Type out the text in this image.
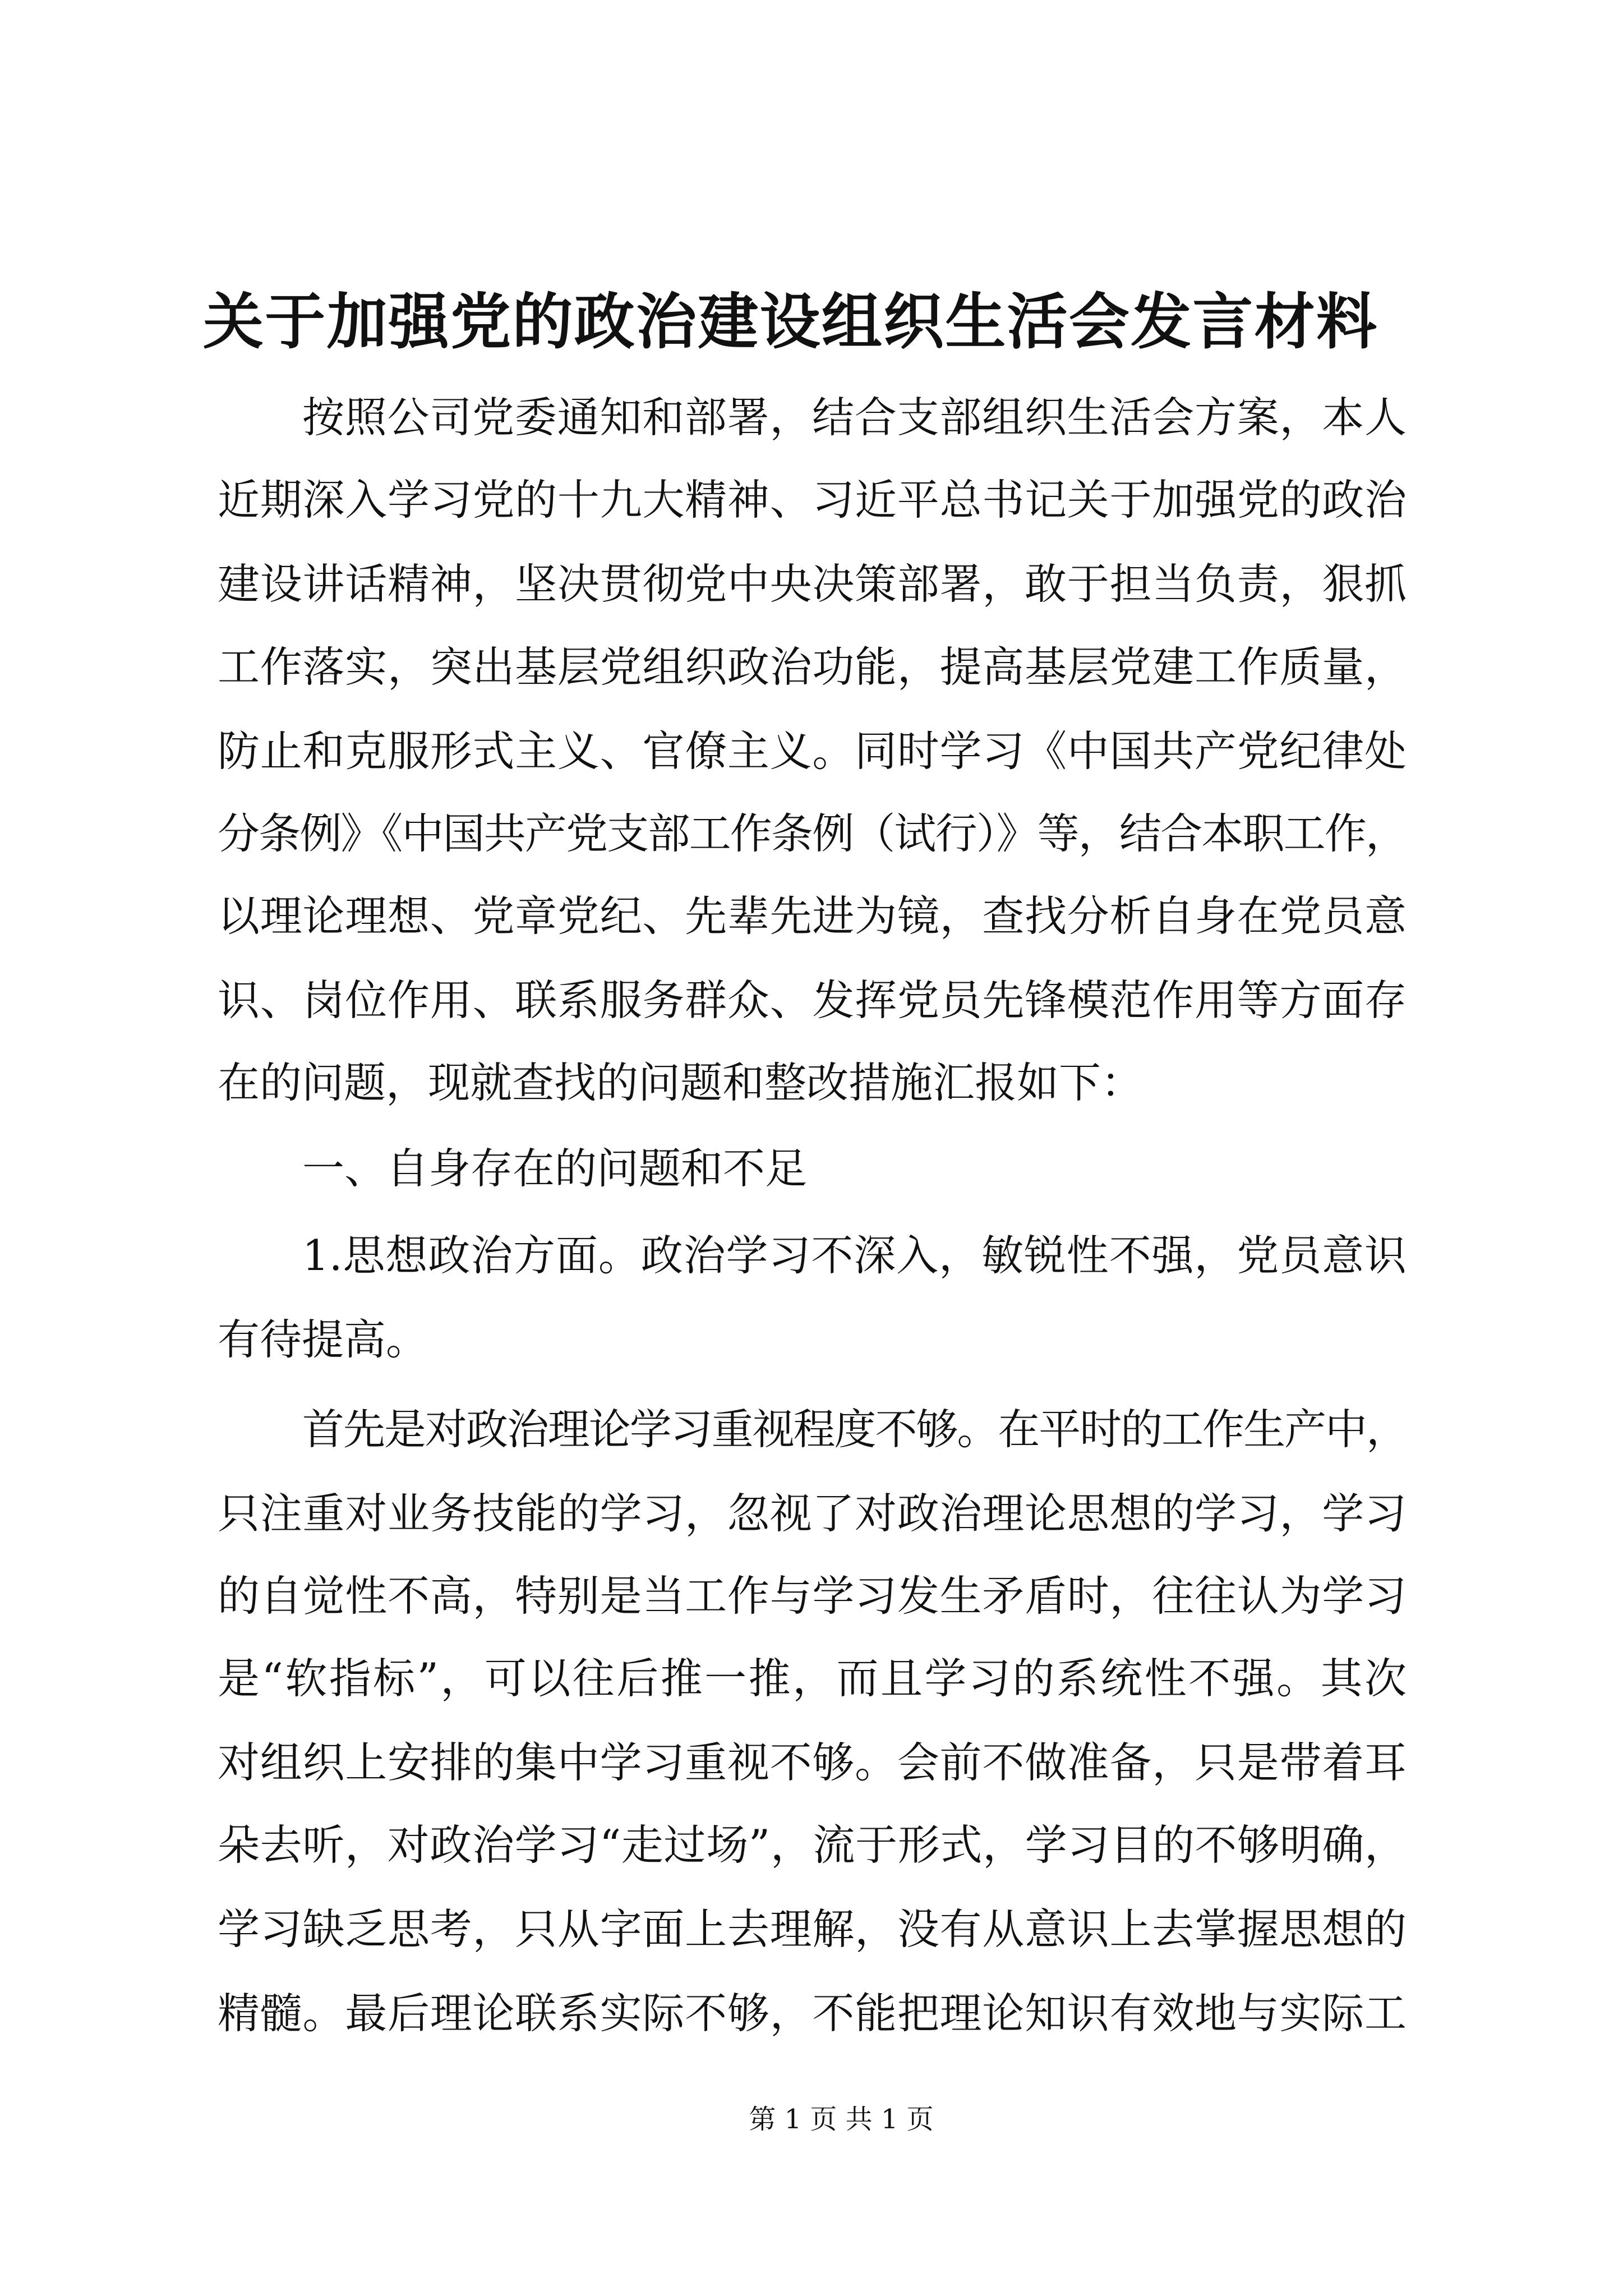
关于加强党的政治建设组织生活会发言材料
按照公司党委通知和部署，结合支部组织生活会方案，本人
近期深入学习党的十九大精神、习近平总书记关于加强党的政治
建设讲话精神，坚决贯彻党中央决策部署，敢于担当负责，狠抓
工作落实，突出基层党组织政治功能，提高基层党建工作质量，
防止和克服形式主义、官僚主义。同时学习《中国共产党纪律处
分条例》《中国共产党支部工作条例（试行）》等，结合本职工作，
以理论理想、党章党纪、先辈先进为镜，查找分析自身在党员意
识、岗位作用、联系服务群众、发挥党员先锋模范作用等方面存
在的问题，现就查找的问题和整改措施汇报如下：
一、自身存在的问题和不足
1.思想政治方面。政治学习不深入，敏锐性不强，党员意识
有待提高。
首先是对政治理论学习重视程度不够。在平时的工作生产中，
只注重对业务技能的学习，忽视了对政治理论思想的学习，学习
的自觉性不高，特别是当工作与学习发生矛盾时，往往认为学习
是“软指标”，可以往后推一推，而且学习的系统性不强。其次
对组织上安排的集中学习重视不够。会前不做准备，只是带着耳
朵去听，对政治学习“走过场”，流于形式，学习目的不够明确，
学习缺乏思考，只从字面上去理解，没有从意识上去掌握思想的
精髓。最后理论联系实际不够，不能把理论知识有效地与实际工
第 1 页 共 1 页
